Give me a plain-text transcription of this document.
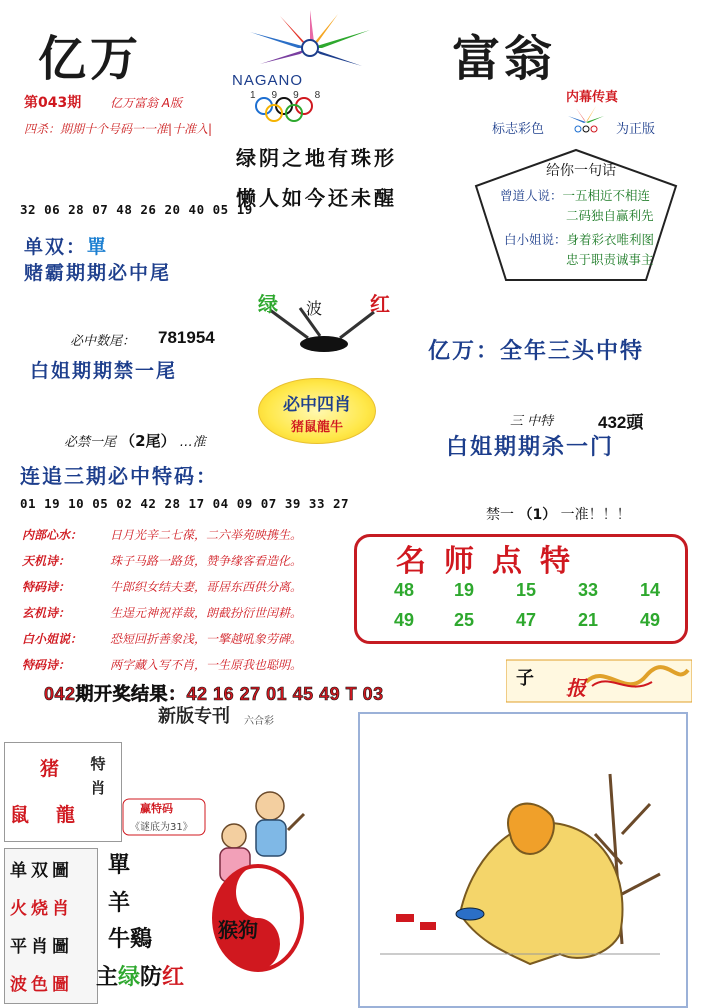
亿万	NAGANO
1998
富翁
第043期 亿万富翁 A版
四杀：期期十个号码一一准|十准入|
内幕传真
标志彩色	为正版
给你一句话
曾道人说：一五相近不相连
二码独自赢利先
白小姐说：身着彩衣唯利图
忠于职责诚事主
绿阴之地有珠形
懒人如今还未醒
32 06 28 07 48 26 20 40 05 19
单双：單
赌霸期期必中尾
绿 波 红
必中数尾： 781954
白姐期期禁一尾
亿万：全年三头中特
必中四肖
猪鼠龍牛	三 中特	432頭
白姐期期杀一门
必禁一尾 （2尾） …准
连追三期必中特码：
01 19 10 05 02 42 28 17 04 09 07 39 33 27
禁一 （1） 一准！！！
内部心水： 日月光辛二七葆，二六举苑映携生。
天机诗：	珠子马路一路货，赞争缘客看造化。
特码诗：	牛郎织女结夫妻，哥居东西供分离。
玄机诗：	生逞元神祝祥裁，朗截扮衍世闰耕。
白小姐说： 恐短回折善象浅，一擎越吼象劳碑。
特码诗：	两字藏入写不肖，一生原我也聪明。
名师点特
48	19	15	33	14
49	25	47	21	49
042期开奖结果：42 16 27 01 45 49 T 03
子 报
新版专刊 六合彩
猪
鼠 龍
特
肖
赢特码
《谜底为31》
单双圖
火烧肖
平肖圖
波色圖
單
羊
牛鷄
主绿防红
猴狗
